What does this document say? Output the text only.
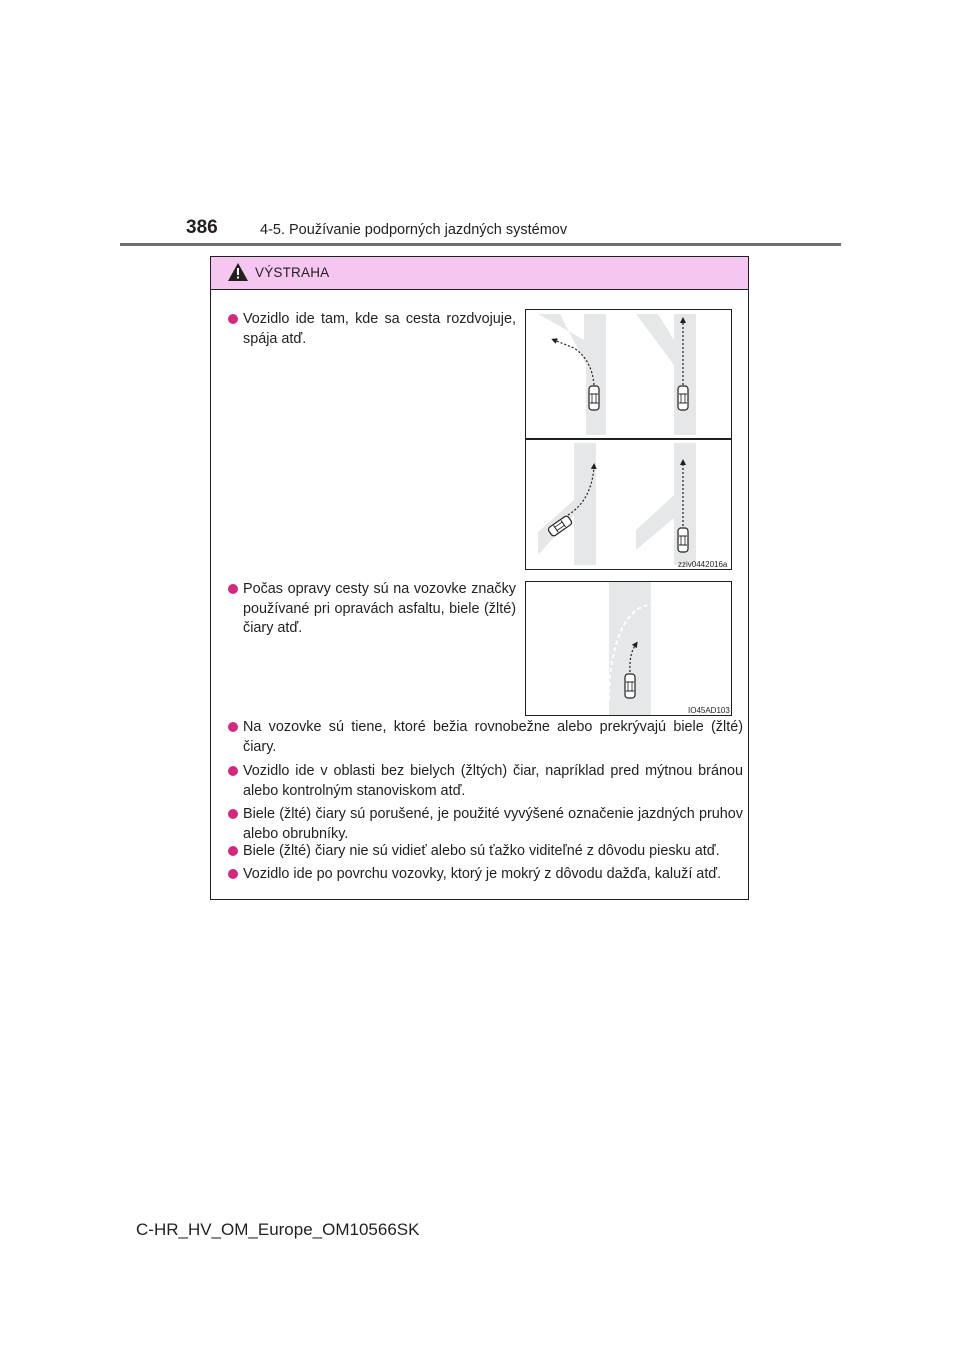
386	4-5. Používanie podporných jazdných systémov
VÝSTRAHA
Vozidlo ide tam, kde sa cesta rozdvojuje, spája atď.
Počas opravy cesty sú na vozovke značky používané pri opravách asfaltu, biele (žlté) čiary atď.
Na vozovke sú tiene, ktoré bežia rovnobežne alebo prekrývajú biele (žlté) čiary.
Vozidlo ide v oblasti bez bielych (žltých) čiar, napríklad pred mýtnou bránou alebo kontrolným stanoviskom atď.
Biele (žlté) čiary sú porušené, je použité vyvýšené označenie jazdných pruhov alebo obrubníky.
Biele (žlté) čiary nie sú vidieť alebo sú ťažko viditeľné z dôvodu piesku atď.
Vozidlo ide po povrchu vozovky, ktorý je mokrý z dôvodu dažďa, kaluží atď.
zziv0442016a
IO45AD103
C-HR_HV_OM_Europe_OM10566SK
